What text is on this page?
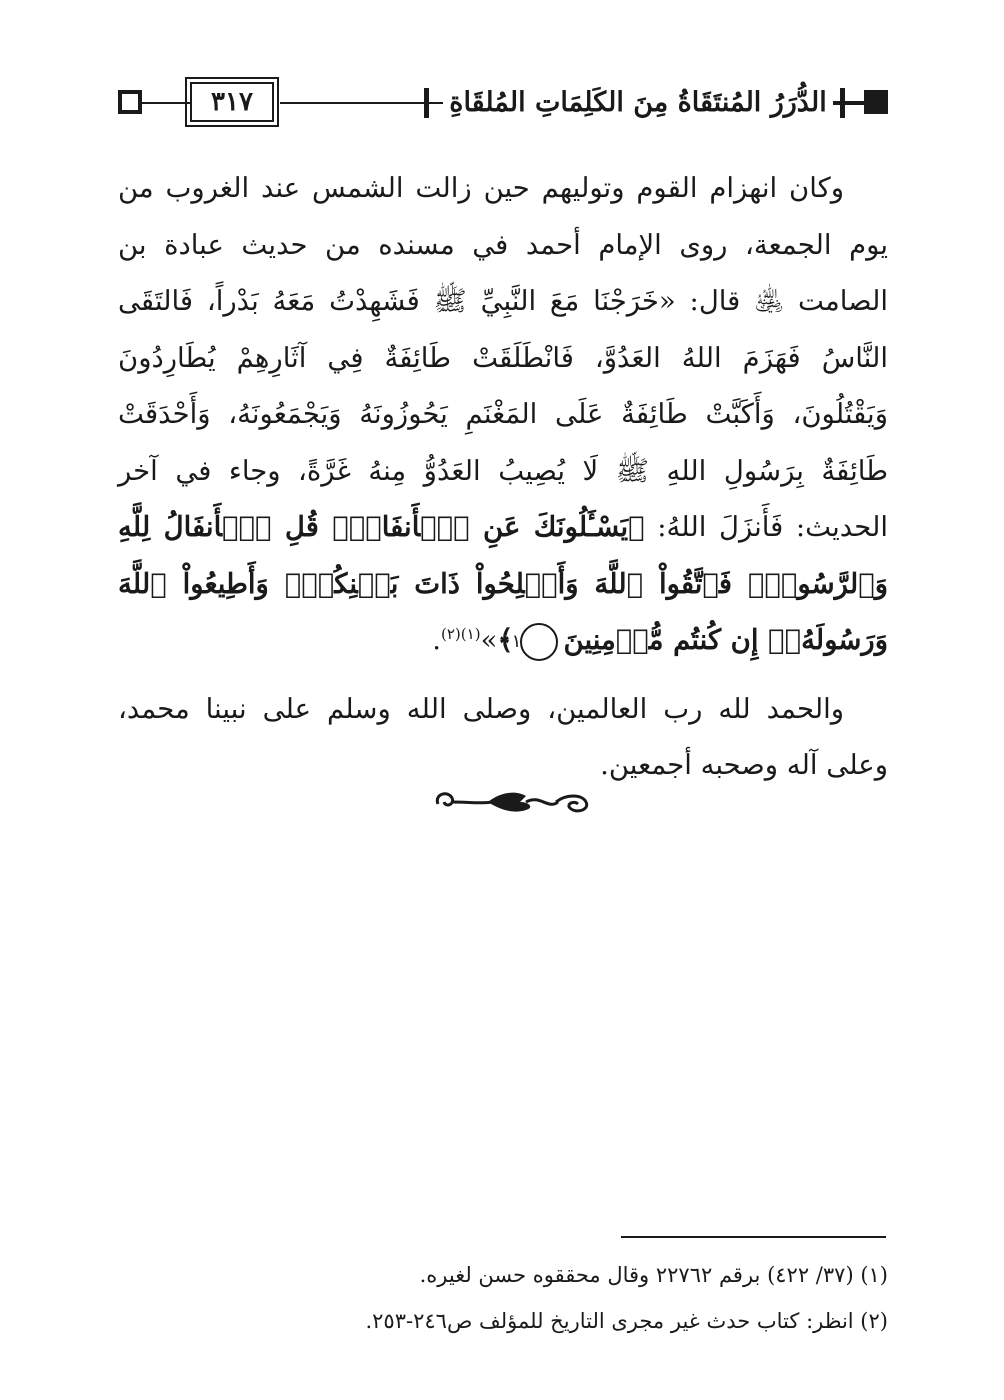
٣١٧	الدُّرَرُ المُنتَقَاةُ مِنَ الكَلِمَاتِ المُلقَاةِ

وكان انهزام القوم وتوليهم حين زالت الشمس عند الغروب من يوم الجمعة، روى الإمام أحمد في مسنده من حديث عبادة بن الصامت ﵁ قال: «خَرَجْنَا مَعَ النَّبِيِّ ﷺ فَشَهِدْتُ مَعَهُ بَدْراً، فَالتَقَى النَّاسُ فَهَزَمَ اللهُ العَدُوَّ، فَانْطَلَقَتْ طَائِفَةٌ فِي آثَارِهِمْ يُطَارِدُونَ وَيَقْتُلُونَ، وَأَكَبَّتْ طَائِفَةٌ عَلَى المَغْنَمِ يَحُوزُونَهُ وَيَجْمَعُونَهُ، وَأَحْدَقَتْ طَائِفَةٌ بِرَسُولِ اللهِ ﷺ لَا يُصِيبُ العَدُوُّ مِنهُ غَرَّةً، وجاء في آخر الحديث: فَأَنزَلَ اللهُ: ﴿يَسْـَٔلُونَكَ عَنِ ٱلۡأَنفَالِۖ قُلِ ٱلۡأَنفَالُ لِلَّهِ وَٱلرَّسُولِۖ فَٱتَّقُواْ ٱللَّهَ وَأَصۡلِحُواْ ذَاتَ بَيۡنِكُمۡۖ وَأَطِيعُواْ ٱللَّهَ وَرَسُولَهُۥٓ إِن كُنتُم مُّؤۡمِنِينَ١﴾»$^{(١)(٢)}$.

والحمد لله رب العالمين، وصلى الله وسلم على نبينا محمد، وعلى آله وصحبه أجمعين.

(١) (٣٧/ ٤٢٢) برقم ٢٢٧٦٢ وقال محققوه حسن لغيره.

(٢) انظر: كتاب حدث غير مجرى التاريخ للمؤلف ص٢٤٦-٢٥٣.
